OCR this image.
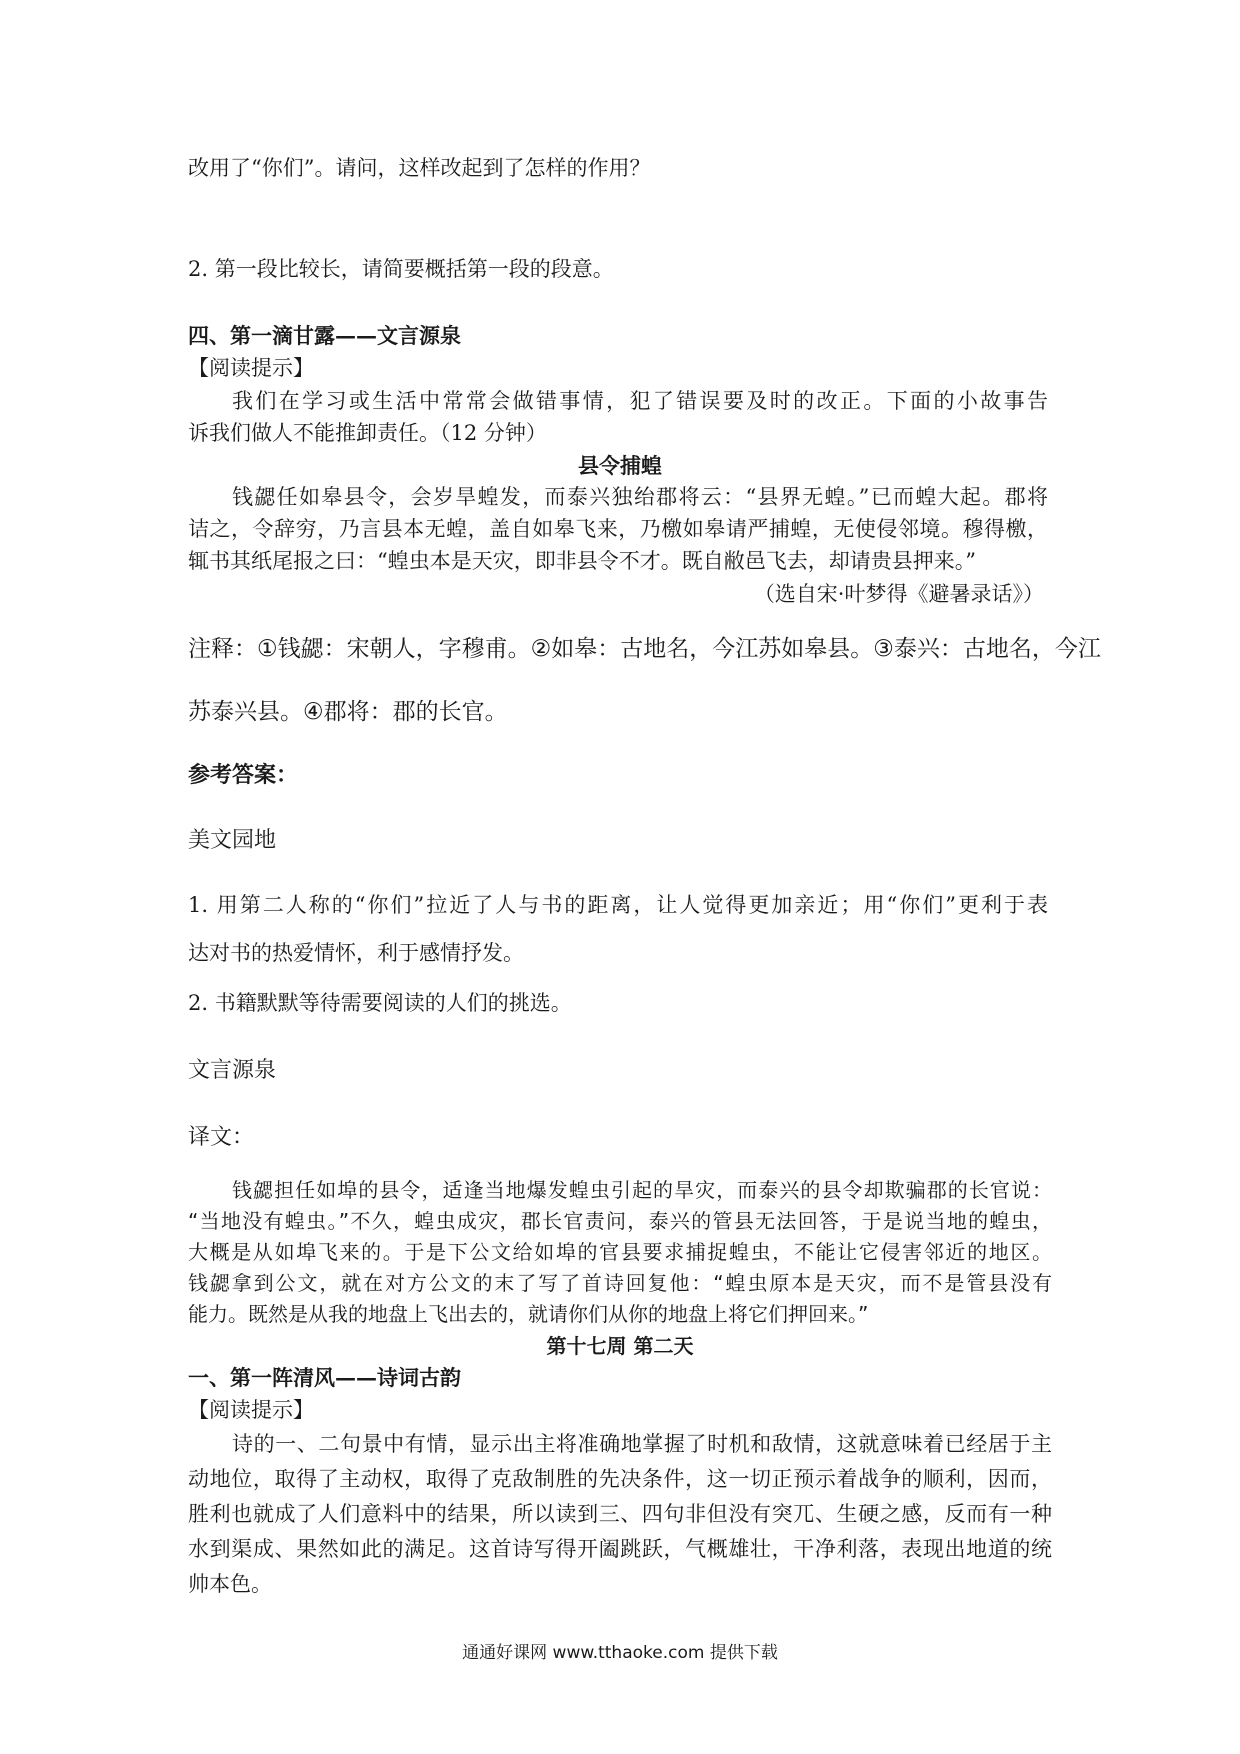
改用了“你们”。请问，这样改起到了怎样的作用？

2. 第一段比较长，请简要概括第一段的段意。

四、第一滴甘露——文言源泉

【阅读提示】

我们在学习或生活中常常会做错事情，犯了错误要及时的改正。下面的小故事告

诉我们做人不能推卸责任。（12 分钟）

县令捕蝗

钱勰任如皋县令，会岁旱蝗发，而泰兴独绐郡将云：“县界无蝗。”已而蝗大起。郡将

诘之，令辞穷，乃言县本无蝗，盖自如皋飞来，乃檄如皋请严捕蝗，无使侵邻境。穆得檄，

辄书其纸尾报之曰：“蝗虫本是天灾，即非县令不才。既自敝邑飞去，却请贵县押来。”

（选自宋·叶梦得《避暑录话》）

注释：①钱勰：宋朝人，字穆甫。②如皋：古地名，今江苏如皋县。③泰兴：古地名，今江

苏泰兴县。④郡将：郡的长官。

参考答案：

美文园地

1. 用第二人称的“你们”拉近了人与书的距离，让人觉得更加亲近；用“你们”更利于表

达对书的热爱情怀，利于感情抒发。

2. 书籍默默等待需要阅读的人们的挑选。

文言源泉

译文：

钱勰担任如埠的县令，适逢当地爆发蝗虫引起的旱灾，而泰兴的县令却欺骗郡的长官说：

“当地没有蝗虫。”不久，蝗虫成灾，郡长官责问，泰兴的管县无法回答，于是说当地的蝗虫，

大概是从如埠飞来的。于是下公文给如埠的官县要求捕捉蝗虫，不能让它侵害邻近的地区。

钱勰拿到公文，就在对方公文的末了写了首诗回复他：“蝗虫原本是天灾，而不是管县没有

能力。既然是从我的地盘上飞出去的，就请你们从你的地盘上将它们押回来。”

第十七周 第二天

一、第一阵清风——诗词古韵

【阅读提示】

诗的一、二句景中有情，显示出主将准确地掌握了时机和敌情，这就意味着已经居于主

动地位，取得了主动权，取得了克敌制胜的先决条件，这一切正预示着战争的顺利，因而，

胜利也就成了人们意料中的结果，所以读到三、四句非但没有突兀、生硬之感，反而有一种

水到渠成、果然如此的满足。这首诗写得开阖跳跃，气概雄壮，干净利落，表现出地道的统

帅本色。

通通好课网 www.tthaoke.com 提供下载
